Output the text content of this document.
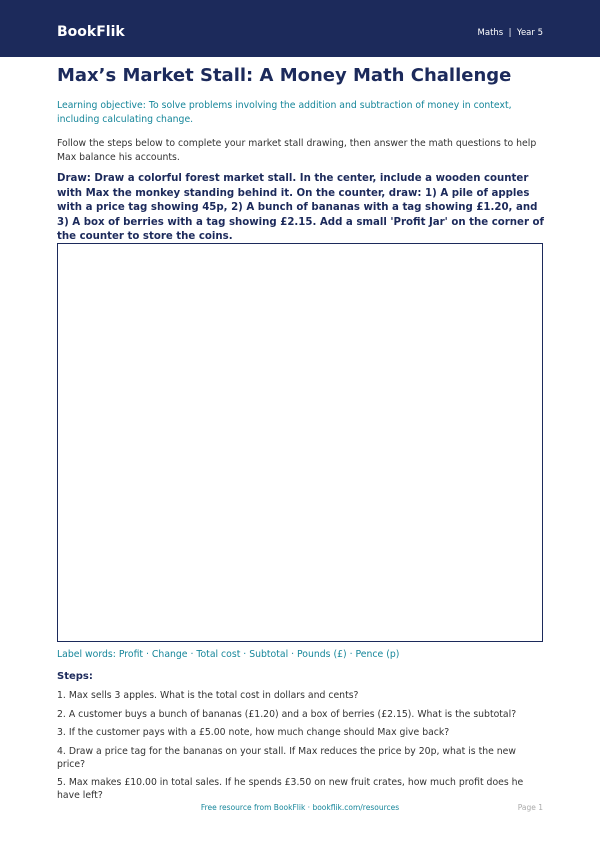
BookFlik	Maths  |  Year 5
Max’s Market Stall: A Money Math Challenge

Learning objective: To solve problems involving the addition and subtraction of money in context, including calculating change.

Follow the steps below to complete your market stall drawing, then answer the math questions to help Max balance his accounts.

Draw: Draw a colorful forest market stall. In the center, include a wooden counter with Max the monkey standing behind it. On the counter, draw: 1) A pile of apples with a price tag showing 45p, 2) A bunch of bananas with a tag showing £1.20, and 3) A box of berries with a tag showing £2.15. Add a small 'Profit Jar' on the corner of the counter to store the coins.

Label words: Profit · Change · Total cost · Subtotal · Pounds (£) · Pence (p)

Steps:
1. Max sells 3 apples. What is the total cost in dollars and cents?
2. A customer buys a bunch of bananas (£1.20) and a box of berries (£2.15). What is the subtotal?
3. If the customer pays with a £5.00 note, how much change should Max give back?
4. Draw a price tag for the bananas on your stall. If Max reduces the price by 20p, what is the new price?
5. Max makes £10.00 in total sales. If he spends £3.50 on new fruit crates, how much profit does he have left?
Free resource from BookFlik · bookflik.com/resources	Page 1
